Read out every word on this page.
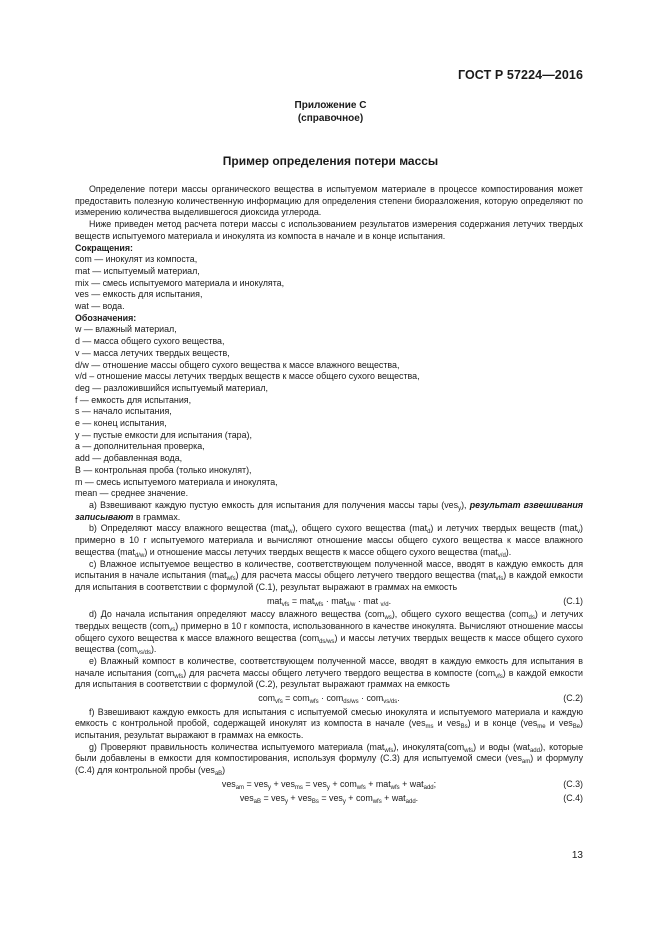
ГОСТ Р 57224—2016
Приложение С
(справочное)
Пример определения потери массы

Определение потери массы органического вещества в испытуемом материале в процессе компостирования может предоставить полезную количественную информацию для определения степени биоразложения, которую определяют по измерению количества выделившегося диоксида углерода.

Ниже приведен метод расчета потери массы с использованием результатов измерения содержания летучих твердых веществ испытуемого материала и инокулята из компоста в начале и в конце испытания.

Сокращения:

com — инокулят из компоста,

mat — испытуемый материал,

mix — смесь испытуемого материала и инокулята,

ves — емкость для испытания,

wat — вода.

Обозначения:

w — влажный материал,

d — масса общего сухого вещества,

v — масса летучих твердых веществ,

d/w — отношение массы общего сухого вещества к массе влажного вещества,

v/d – отношение массы летучих твердых веществ к массе общего сухого вещества,

deg — разложившийся испытуемый материал,

f — емкость для испытания,

s — начало испытания,

e — конец испытания,

y — пустые емкости для испытания (тара),

a — дополнительная проверка,

add — добавленная вода,

B — контрольная проба (только инокулят),

m — смесь испытуемого материала и инокулята,

mean — среднее значение.

a) Взвешивают каждую пустую емкость для испытания для получения массы тары (ves$_y$), результат взвешивания записывают в граммах.

b) Определяют массу влажного вещества (mat$_w$), общего сухого вещества (mat$_d$) и летучих твердых веществ (mat$_v$) примерно в 10 г испытуемого материала и вычисляют отношение массы общего сухого вещества к массе влажного вещества (mat$_{d/w}$) и отношение массы летучих твердых веществ к массе общего сухого вещества (mat$_{v/d}$).

c) Влажное испытуемое вещество в количестве, соответствующем полученной массе, вводят в каждую емкость для испытания в начале испытания (mat$_{wfs}$) для расчета массы общего летучего твердого вещества (mat$_{vfs}$) в каждой емкости для испытания в соответствии с формулой (С.1), результат выражают в граммах на емкость

mat$_{vfs}$ = mat$_{wfs}$ · mat$_{d/w}$ · mat $_{v/d}$.	(С.1)

d) До начала испытания определяют массу влажного вещества (com$_{ws}$), общего сухого вещества (com$_{ds}$) и летучих твердых веществ (com$_{vs}$) примерно в 10 г компоста, использованного в качестве инокулята. Вычисляют отношение массы общего сухого вещества к массе влажного вещества (com$_{ds/ws}$) и массы летучих твердых веществ к массе общего сухого вещества (com$_{vs/ds}$).

e) Влажный компост в количестве, соответствующем полученной массе, вводят в каждую емкость для испытания в начале испытания (com$_{wfs}$) для расчета массы общего летучего твердого вещества в компосте (com$_{vfs}$) в каждой емкости для испытания в соответствии с формулой (С.2), результат выражают граммах на емкость

com$_{vfs}$ = com$_{wfs}$ · com$_{ds/ws}$ · com$_{vs/ds}$.	(С.2)

f) Взвешивают каждую емкость для испытания с испытуемой смесью инокулята и испытуемого материала и каждую емкость с контрольной пробой, содержащей инокулят из компоста в начале (ves$_{ms}$ и ves$_{Bs}$) и в конце (ves$_{me}$ и ves$_{Be}$) испытания, результат выражают в граммах на емкость.

g) Проверяют правильность количества испытуемого материала (mat$_{wfs}$), инокулята(com$_{wfs}$) и воды (wat$_{add}$), которые были добавлены в емкости для компостирования, используя формулу (С.3) для испытуемой смеси (ves$_{am}$) и формулу (С.4) для контрольной пробы (ves$_{aB}$)

ves$_{am}$ = ves$_y$ + ves$_{ms}$ = ves$_y$ + com$_{wfs}$ + mat$_{wfs}$ + wat$_{add}$;	(С.3)
ves$_{aB}$ = ves$_y$ + ves$_{Bs}$ = ves$_y$ + com$_{wfs}$ + wat$_{add}$.	(С.4)
13
